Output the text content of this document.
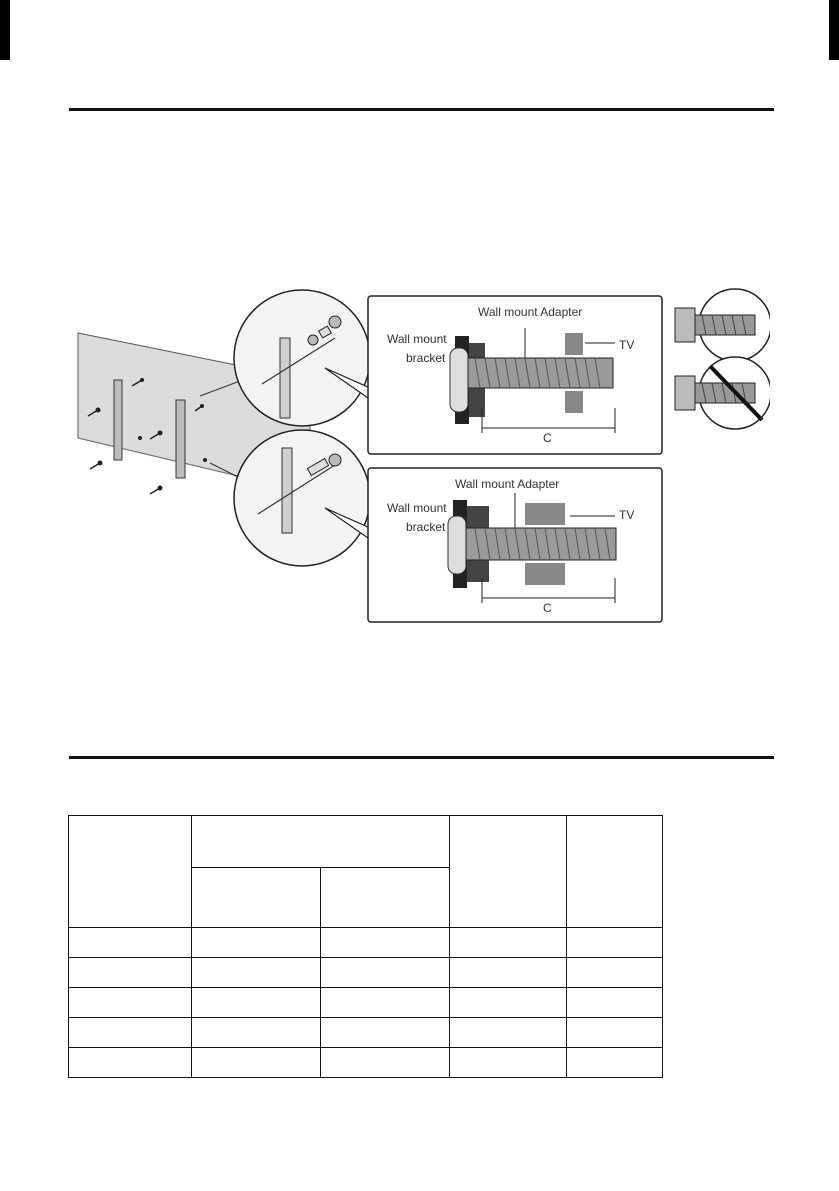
Wall mount Adapter
Wall mount
bracket
TV
C
Wall mount Adapter
Wall mount
bracket
TV
C
